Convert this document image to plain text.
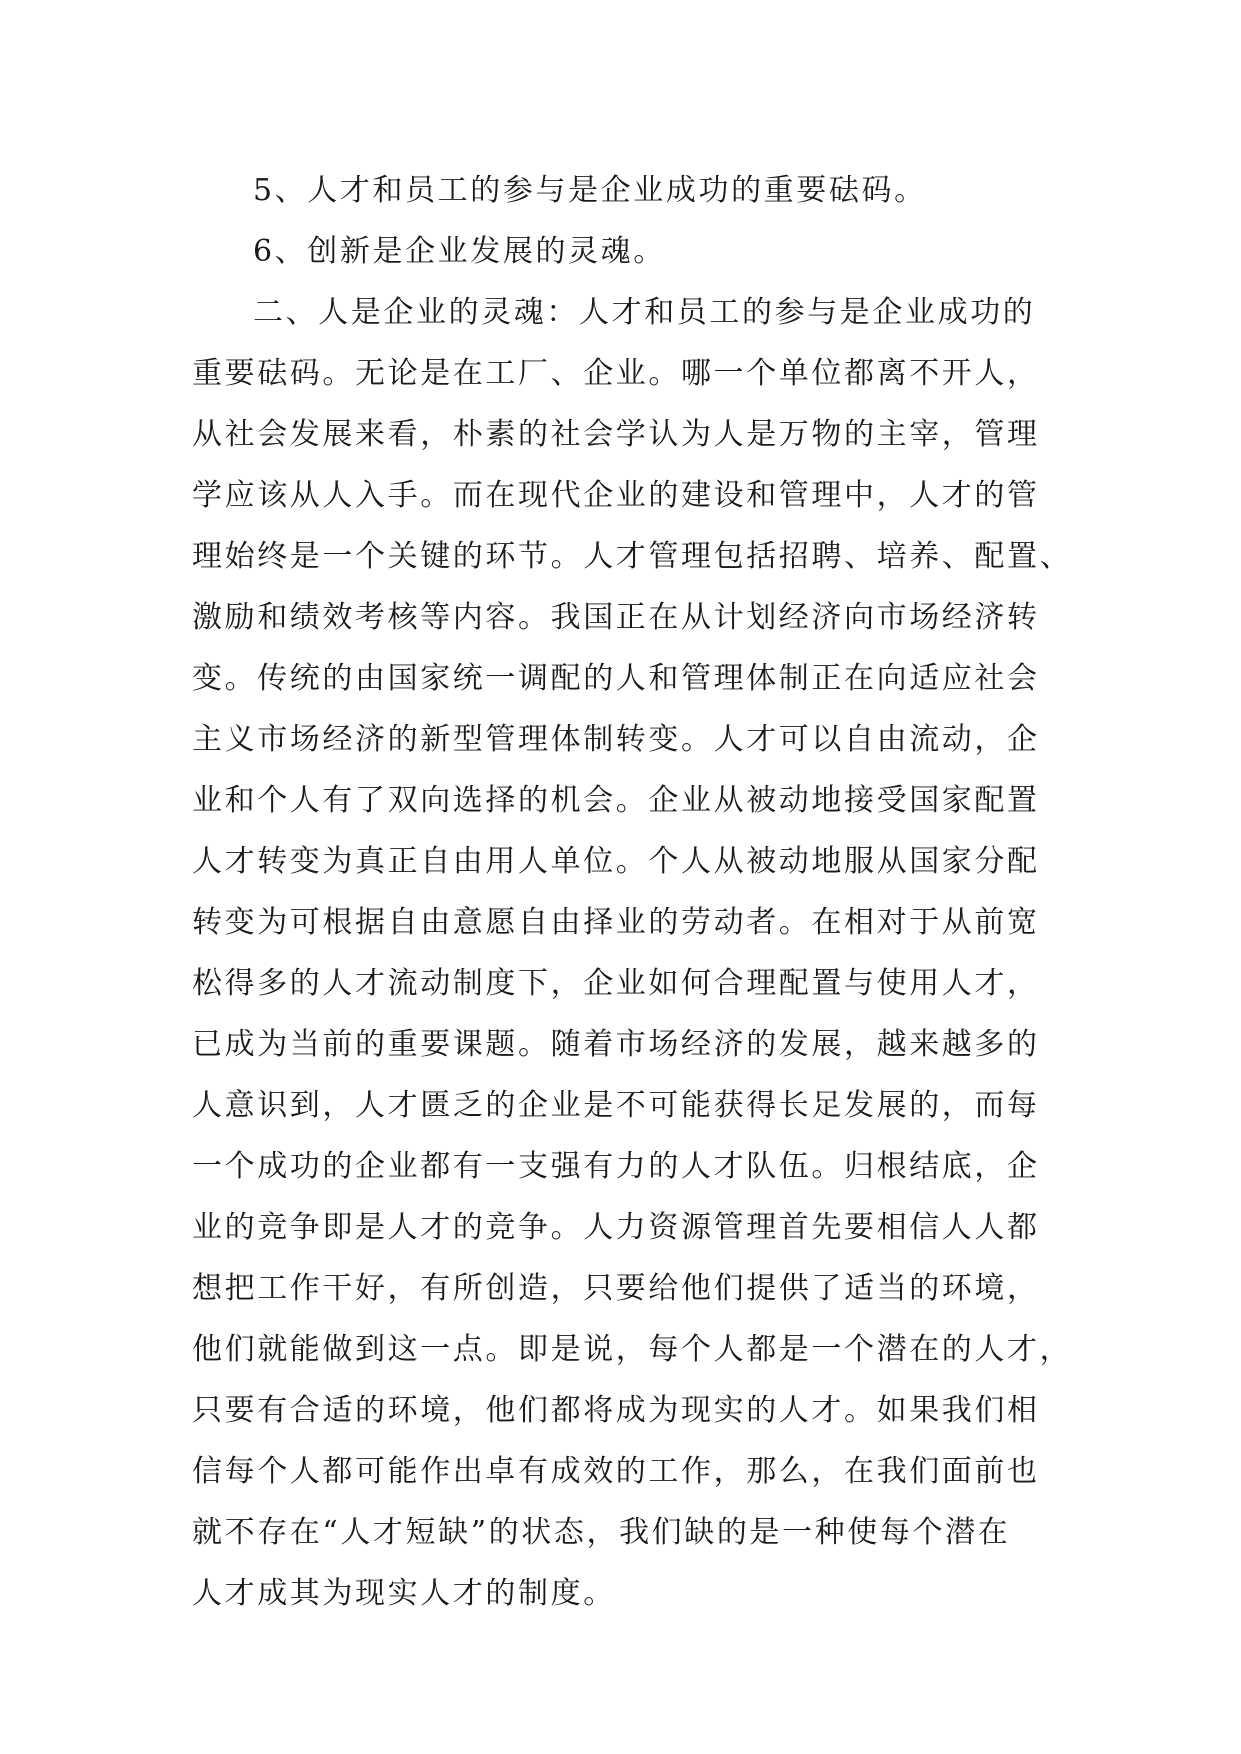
5、人才和员工的参与是企业成功的重要砝码。
6、创新是企业发展的灵魂。
二、人是企业的灵魂：人才和员工的参与是企业成功的
重要砝码。无论是在工厂、企业。哪一个单位都离不开人，
从社会发展来看，朴素的社会学认为人是万物的主宰，管理
学应该从人入手。而在现代企业的建设和管理中，人才的管
理始终是一个关键的环节。人才管理包括招聘、培养、配置、
激励和绩效考核等内容。我国正在从计划经济向市场经济转
变。传统的由国家统一调配的人和管理体制正在向适应社会
主义市场经济的新型管理体制转变。人才可以自由流动，企
业和个人有了双向选择的机会。企业从被动地接受国家配置
人才转变为真正自由用人单位。个人从被动地服从国家分配
转变为可根据自由意愿自由择业的劳动者。在相对于从前宽
松得多的人才流动制度下，企业如何合理配置与使用人才，
已成为当前的重要课题。随着市场经济的发展，越来越多的
人意识到，人才匮乏的企业是不可能获得长足发展的，而每
一个成功的企业都有一支强有力的人才队伍。归根结底，企
业的竞争即是人才的竞争。人力资源管理首先要相信人人都
想把工作干好，有所创造，只要给他们提供了适当的环境，
他们就能做到这一点。即是说，每个人都是一个潜在的人才，
只要有合适的环境，他们都将成为现实的人才。如果我们相
信每个人都可能作出卓有成效的工作，那么，在我们面前也
就不存在“人才短缺”的状态，我们缺的是一种使每个潜在
人才成其为现实人才的制度。
